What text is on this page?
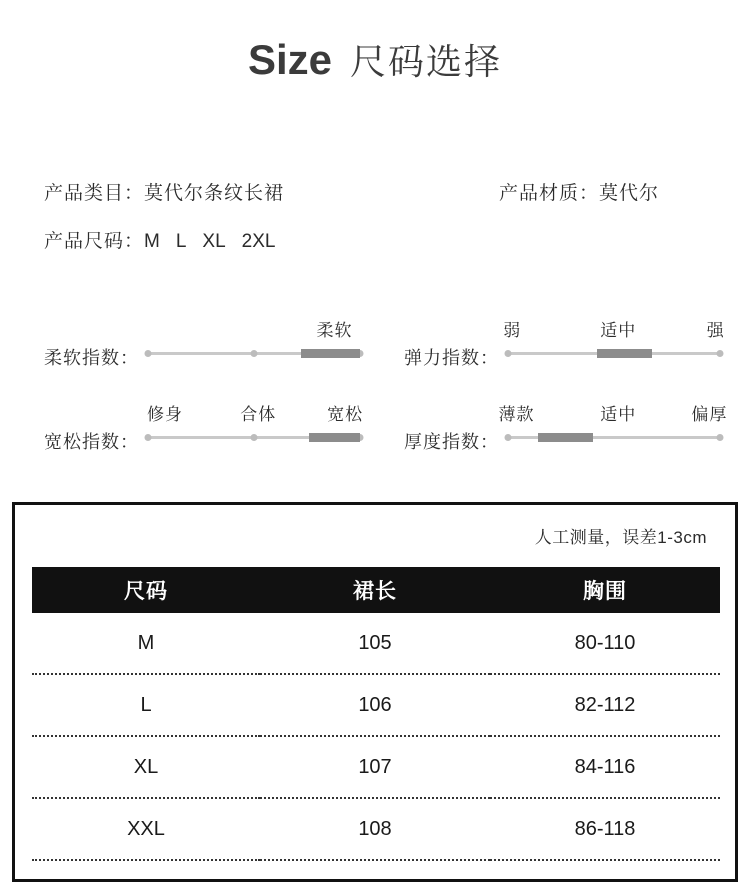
Size 尺码选择
产品类目：莫代尔条纹长裙	产品材质：莫代尔
产品尺码：M L XL 2XL
柔软指数：
柔软
弹力指数：
弱	适中	强
宽松指数：
修身	合体	宽松
厚度指数：
薄款	适中	偏厚
人工测量，误差1-3cm
尺码	裙长	胸围
M	105	80-110
L	106	82-112
XL	107	84-116
XXL	108	86-118
